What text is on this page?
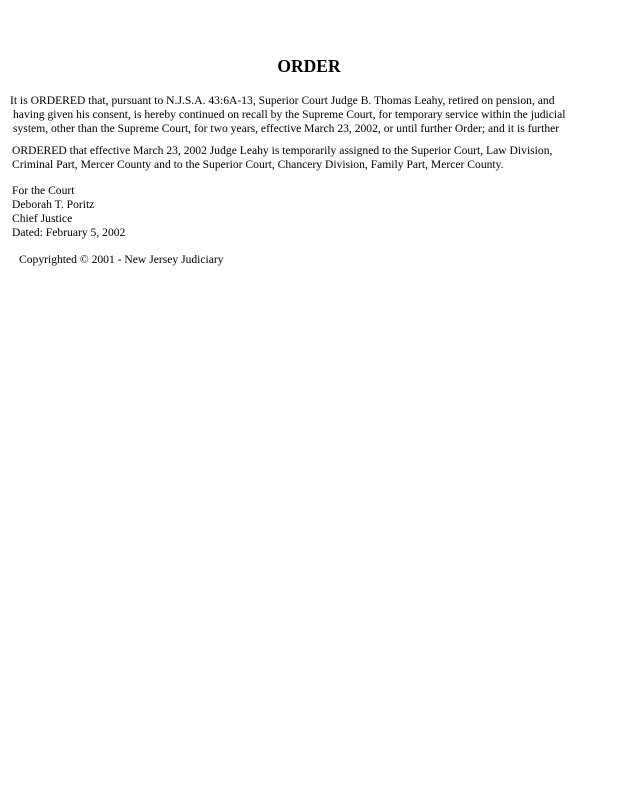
ORDER
It is ORDERED that, pursuant to N.J.S.A. 43:6A-13, Superior Court Judge B. Thomas Leahy, retired on pension, and
having given his consent, is hereby continued on recall by the Supreme Court, for temporary service within the judicial
system, other than the Supreme Court, for two years, effective March 23, 2002, or until further Order; and it is further
ORDERED that effective March 23, 2002 Judge Leahy is temporarily assigned to the Superior Court, Law Division,
Criminal Part, Mercer County and to the Superior Court, Chancery Division, Family Part, Mercer County.
For the Court
Deborah T. Poritz
Chief Justice
Dated: February 5, 2002
Copyrighted © 2001 - New Jersey Judiciary
